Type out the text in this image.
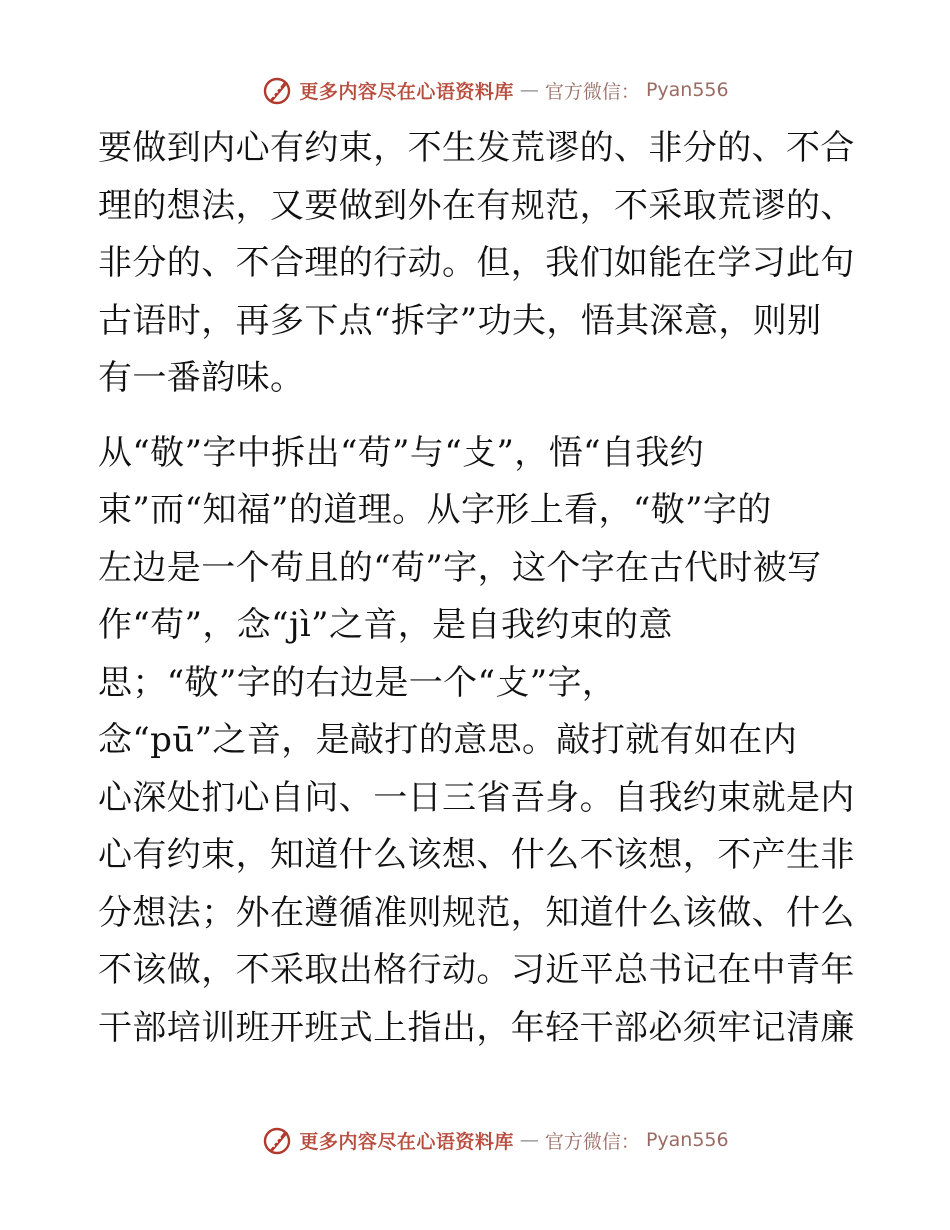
更多内容尽在心语资料库 — 官方微信： Pyan556
要做到内心有约束，不生发荒谬的、非分的、不合
理的想法，又要做到外在有规范，不采取荒谬的、
非分的、不合理的行动。但，我们如能在学习此句
古语时，再多下点“拆字”功夫，悟其深意，则别
有一番韵味。
从“敬”字中拆出“苟”与“攴”，悟“自我约
束”而“知福”的道理。从字形上看，“敬”字的
左边是一个苟且的“苟”字，这个字在古代时被写
作“苟”，念“jì”之音，是自我约束的意
思；“敬”字的右边是一个“攴”字，
念“pū”之音，是敲打的意思。敲打就有如在内
心深处扪心自问、一日三省吾身。自我约束就是内
心有约束，知道什么该想、什么不该想，不产生非
分想法；外在遵循准则规范，知道什么该做、什么
不该做，不采取出格行动。习近平总书记在中青年
干部培训班开班式上指出，年轻干部必须牢记清廉
更多内容尽在心语资料库 — 官方微信： Pyan556
